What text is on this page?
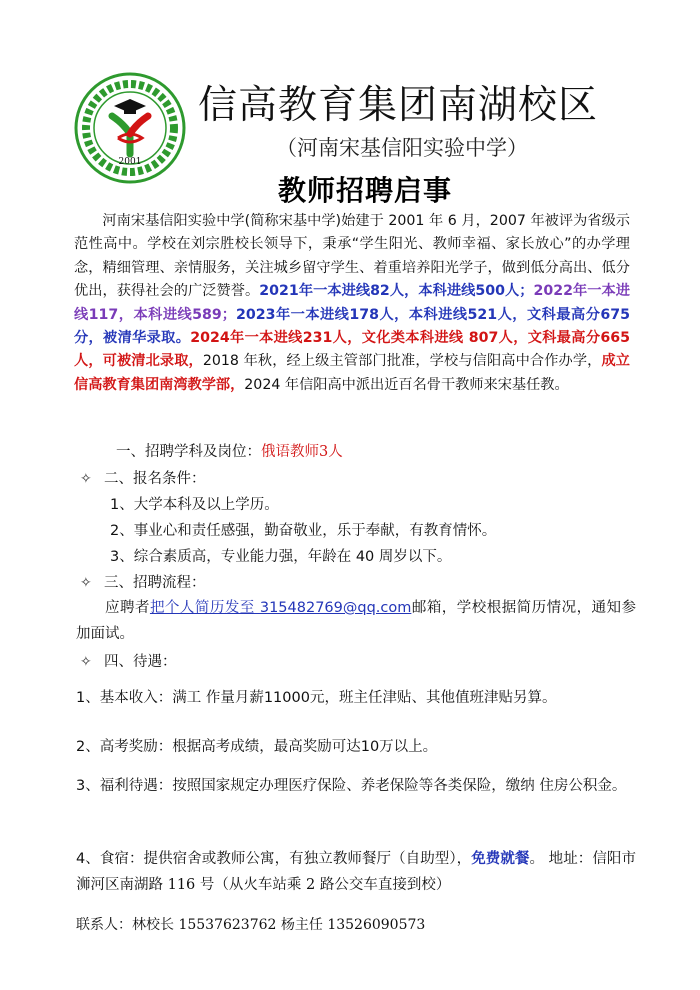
2001
信高教育集团南湖校区
（河南宋基信阳实验中学）
教师招聘启事
河南宋基信阳实验中学(简称宋基中学)始建于 2001 年 6 月，2007 年被评为省级示范性高中。学校在刘宗胜校长领导下，秉承“学生阳光、教师幸福、家长放心”的办学理念，精细管理、亲情服务，关注城乡留守学生、着重培养阳光学子，做到低分高出、低分优出，获得社会的广泛赞誉。2021年一本进线82人，本科进线500人；2022年一本进线117，本科进线589；2023年一本进线178人，本科进线521人，文科最高分675分，被清华录取。2024年一本进线231人，文化类本科进线 807人，文科最高分665人，可被清北录取，2018 年秋，经上级主管部门批准，学校与信阳高中合作办学，成立信高教育集团南湾教学部，2024 年信阳高中派出近百名骨干教师来宋基任教。
一、招聘学科及岗位：俄语教师3人
✧ 二、报名条件：
1、大学本科及以上学历。
2、事业心和责任感强，勤奋敬业，乐于奉献，有教育情怀。
3、综合素质高，专业能力强，年龄在 40 周岁以下。
✧ 三、招聘流程：
应聘者把个人简历发至 315482769@qq.com邮箱，学校根据简历情况，通知参加面试。
✧ 四、待遇：
1、基本收入：满工 作量月薪11000元，班主任津贴、其他值班津贴另算。
2、高考奖励：根据高考成绩，最高奖励可达10万以上。
3、福利待遇：按照国家规定办理医疗保险、养老保险等各类保险，缴纳 住房公积金。
4、食宿：提供宿舍或教师公寓，有独立教师餐厅（自助型），免费就餐。 地址：信阳市浉河区南湖路 116 号（从火车站乘 2 路公交车直接到校）
联系人：林校长 15537623762 杨主任 13526090573
